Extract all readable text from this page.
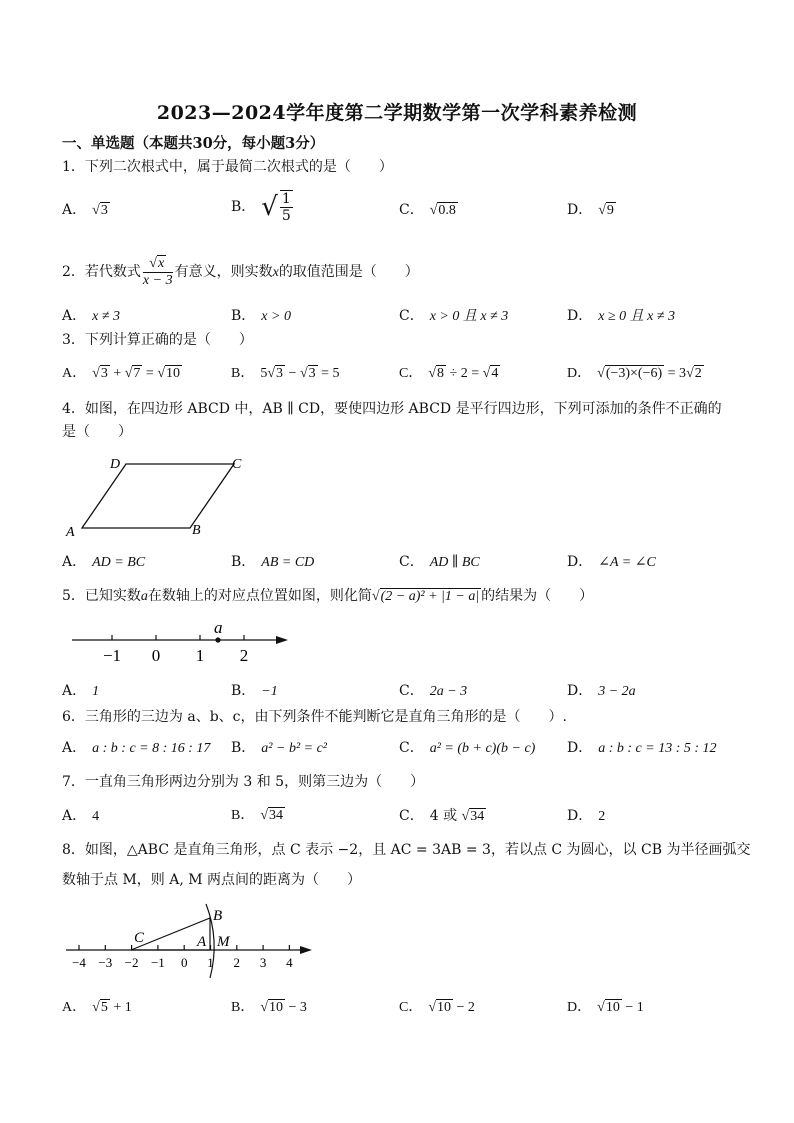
2023—2024学年度第二学期数学第一次学科素养检测
一、单选题（本题共30分，每小题3分）
1．下列二次根式中，属于最简二次根式的是（　　）
A． √3	B． √ $\frac{1}{5}$	C． √0.8	D． √9
2．若代数式 $\frac{√x}{x - 3}$ 有意义，则实数x的取值范围是（　　）
A． x ≠ 3	B． x > 0	C． x > 0 且 x ≠ 3	D． x ≥ 0 且 x ≠ 3
3．下列计算正确的是（　　）
A． √3 + √7 = √10	B． 5√3 − √3 = 5	C． √8 ÷ 2 = √4	D． √(−3)×(−6) = 3√2
4．如图，在四边形 ABCD 中，AB ∥ CD，要使四边形 ABCD 是平行四边形，下列可添加的条件不正确的
是（　　）
A	B
C
D
A． AD = BC	B． AB = CD	C． AD ∥ BC	D． ∠A = ∠C
5．已知实数a在数轴上的对应点位置如图，则化简√(2 − a)² + |1 − a| 的结果为（　　）
−1 0 1 2
a
A． 1	B． −1	C． 2a − 3	D． 3 − 2a
6．三角形的三边为 a、b、c，由下列条件不能判断它是直角三角形的是（　　）.
A． a : b : c = 8 : 16 : 17 B． a² − b² = c²	C． a² = (b + c)(b − c) D． a : b : c = 13 : 5 : 12
7．一直角三角形两边分别为 3 和 5，则第三边为（　　）
A． 4	B． √34	C． 4 或 √34	D． 2
8．如图，△ABC 是直角三角形，点 C 表示 −2，且 AC = 3AB = 3，若以点 C 为圆心，以 CB 为半径画弧交
数轴于点 M，则 A, M 两点间的距离为（　　）
−4 −3 −2 −1 0 1 2 3 4
C	A
B
M
A． √5 + 1	B． √10 − 3	C． √10 − 2	D． √10 − 1
